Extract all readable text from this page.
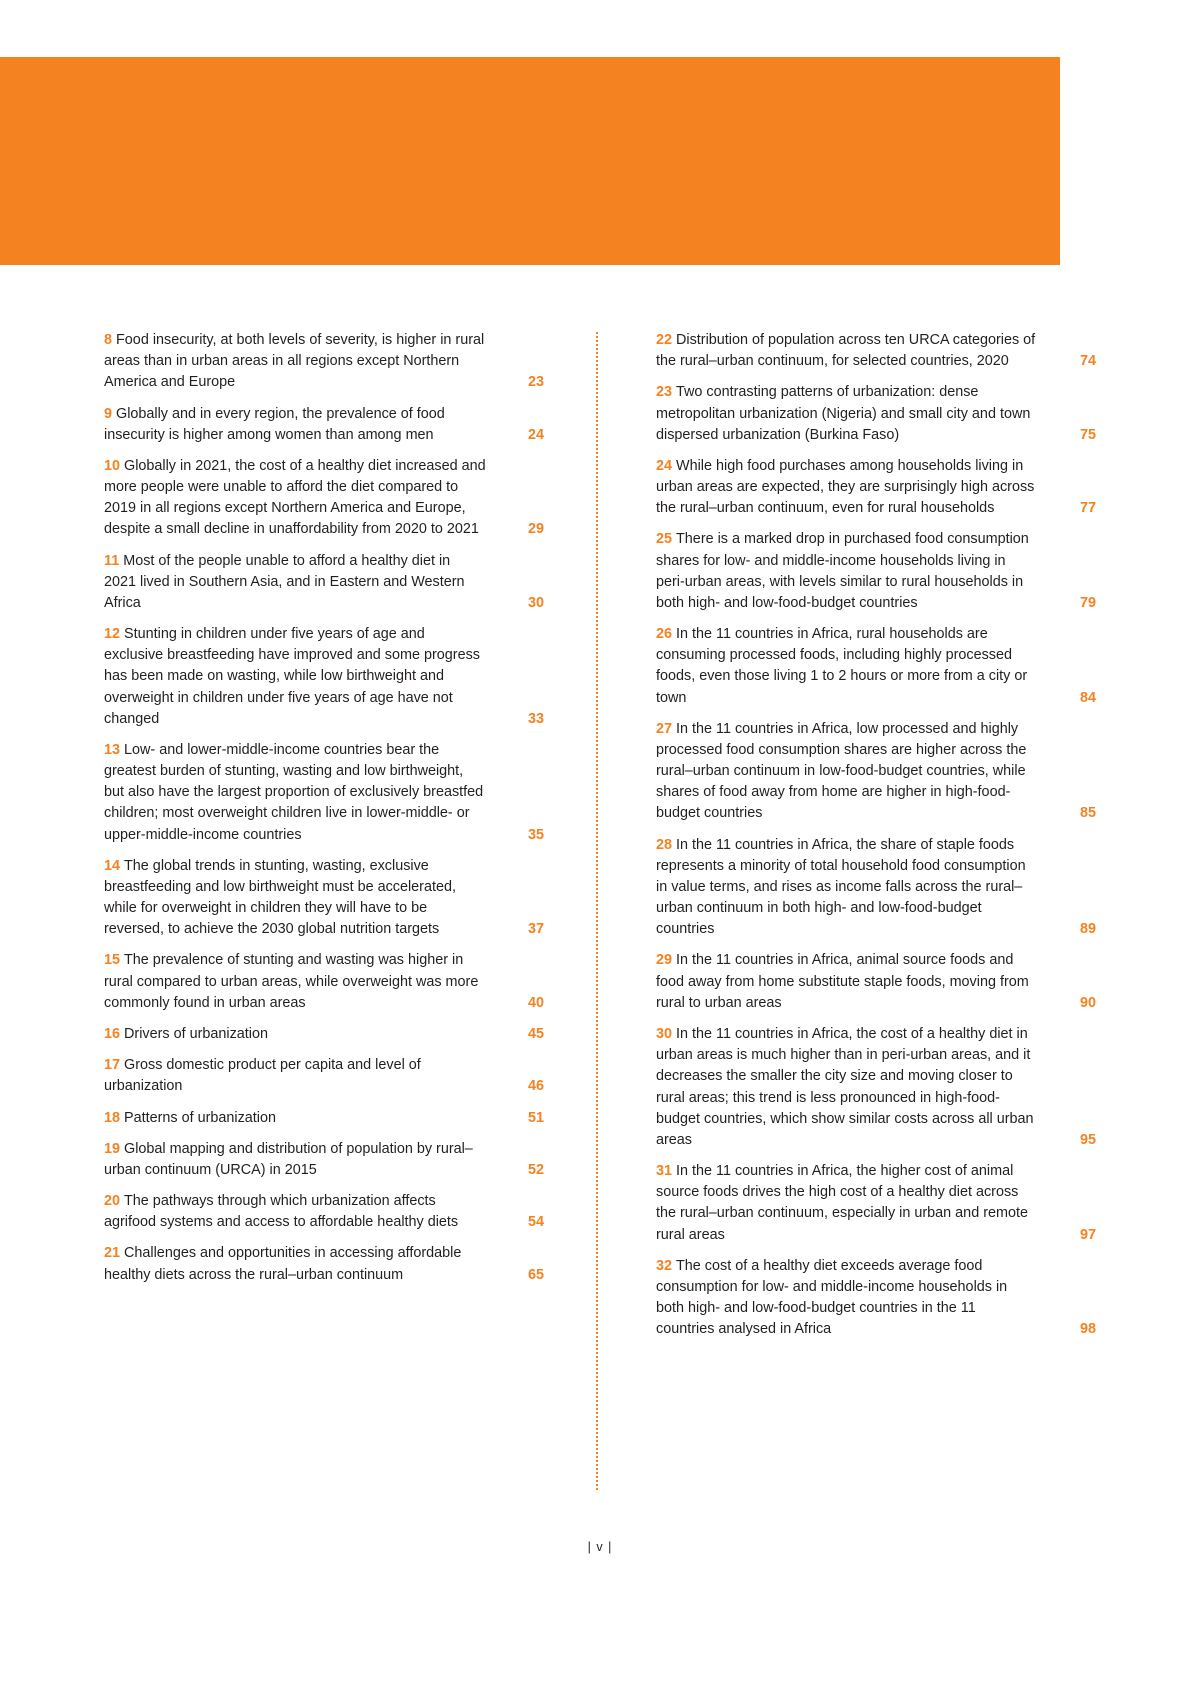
8 Food insecurity, at both levels of severity, is higher in rural areas than in urban areas in all regions except Northern America and Europe	23
9 Globally and in every region, the prevalence of food insecurity is higher among women than among men	24
10 Globally in 2021, the cost of a healthy diet increased and more people were unable to afford the diet compared to 2019 in all regions except Northern America and Europe, despite a small decline in unaffordability from 2020 to 2021	29
11 Most of the people unable to afford a healthy diet in 2021 lived in Southern Asia, and in Eastern and Western Africa	30
12 Stunting in children under five years of age and exclusive breastfeeding have improved and some progress has been made on wasting, while low birthweight and overweight in children under five years of age have not changed	33
13 Low- and lower-middle-income countries bear the greatest burden of stunting, wasting and low birthweight, but also have the largest proportion of exclusively breastfed children; most overweight children live in lower-middle- or upper-middle-income countries	35
14 The global trends in stunting, wasting, exclusive breastfeeding and low birthweight must be accelerated, while for overweight in children they will have to be reversed, to achieve the 2030 global nutrition targets	37
15 The prevalence of stunting and wasting was higher in rural compared to urban areas, while overweight was more commonly found in urban areas	40
16 Drivers of urbanization	45
17 Gross domestic product per capita and level of urbanization	46
18 Patterns of urbanization	51
19 Global mapping and distribution of population by rural–urban continuum (URCA) in 2015	52
20 The pathways through which urbanization affects agrifood systems and access to affordable healthy diets	54
21 Challenges and opportunities in accessing affordable healthy diets across the rural–urban continuum	65
22 Distribution of population across ten URCA categories of the rural–urban continuum, for selected countries, 2020	74
23 Two contrasting patterns of urbanization: dense metropolitan urbanization (Nigeria) and small city and town dispersed urbanization (Burkina Faso)	75
24 While high food purchases among households living in urban areas are expected, they are surprisingly high across the rural–urban continuum, even for rural households	77
25 There is a marked drop in purchased food consumption shares for low- and middle-income households living in peri-urban areas, with levels similar to rural households in both high- and low-food-budget countries	79
26 In the 11 countries in Africa, rural households are consuming processed foods, including highly processed foods, even those living 1 to 2 hours or more from a city or town	84
27 In the 11 countries in Africa, low processed and highly processed food consumption shares are higher across the rural–urban continuum in low-food-budget countries, while shares of food away from home are higher in high-food-budget countries	85
28 In the 11 countries in Africa, the share of staple foods represents a minority of total household food consumption in value terms, and rises as income falls across the rural–urban continuum in both high- and low-food-budget countries	89
29 In the 11 countries in Africa, animal source foods and food away from home substitute staple foods, moving from rural to urban areas	90
30 In the 11 countries in Africa, the cost of a healthy diet in urban areas is much higher than in peri-urban areas, and it decreases the smaller the city size and moving closer to rural areas; this trend is less pronounced in high-food-budget countries, which show similar costs across all urban areas	95
31 In the 11 countries in Africa, the higher cost of animal source foods drives the high cost of a healthy diet across the rural–urban continuum, especially in urban and remote rural areas	97
32 The cost of a healthy diet exceeds average food consumption for low- and middle-income households in both high- and low-food-budget countries in the 11 countries analysed in Africa	98
| v |
